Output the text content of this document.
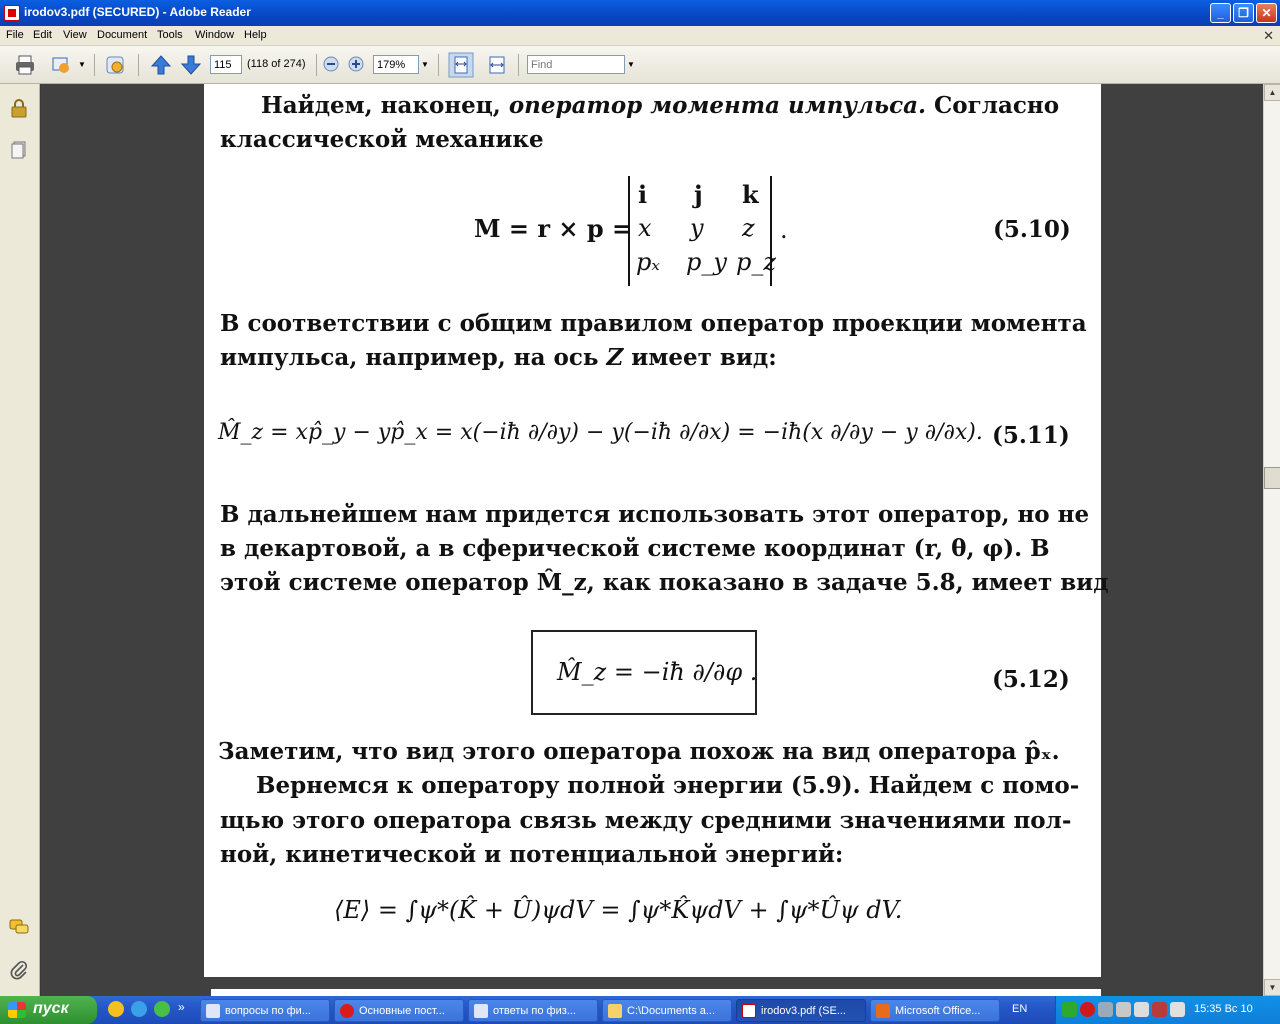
irodov3.pdf (SECURED) - Adobe Reader	_	❐	✕
File Edit View Document Tools Window Help	✕
▼
115	(118 of 274)
179%	▼
Find	▼
Найдем, наконец, оператор момента импульса. Согласно
классической механике
M = r × p =
i j k
x y z
pₓ p_y p_z
.	(5.10)
В соответствии с общим правилом оператор проекции момента
импульса, например, на ось Z имеет вид:
M̂_z = xp̂_y − yp̂_x = x(−iħ ∂/∂y) − y(−iħ ∂/∂x) = −iħ(x ∂/∂y − y ∂/∂x). (5.11)
В дальнейшем нам придется использовать этот оператор, но не
в декартовой, а в сферической системе координат (r, θ, φ). В
этой системе оператор M̂_z, как показано в задаче 5.8, имеет вид
M̂_z = −iħ ∂/∂φ .	(5.12)
Заметим, что вид этого оператора похож на вид оператора p̂ₓ.
Вернемся к оператору полной энергии (5.9). Найдем с помо-
щью этого оператора связь между средними значениями пол-
ной, кинетической и потенциальной энергий:
⟨E⟩ = ∫ψ*(K̂ + Û)ψdV = ∫ψ*K̂ψdV + ∫ψ*Ûψ dV.
▲
▼
пуск	»	вопросы по фи...	Основные пост...	ответы по физ...	C:\Documents a...	irodov3.pdf (SE...	Microsoft Office...	EN	15:35 Вс 10
